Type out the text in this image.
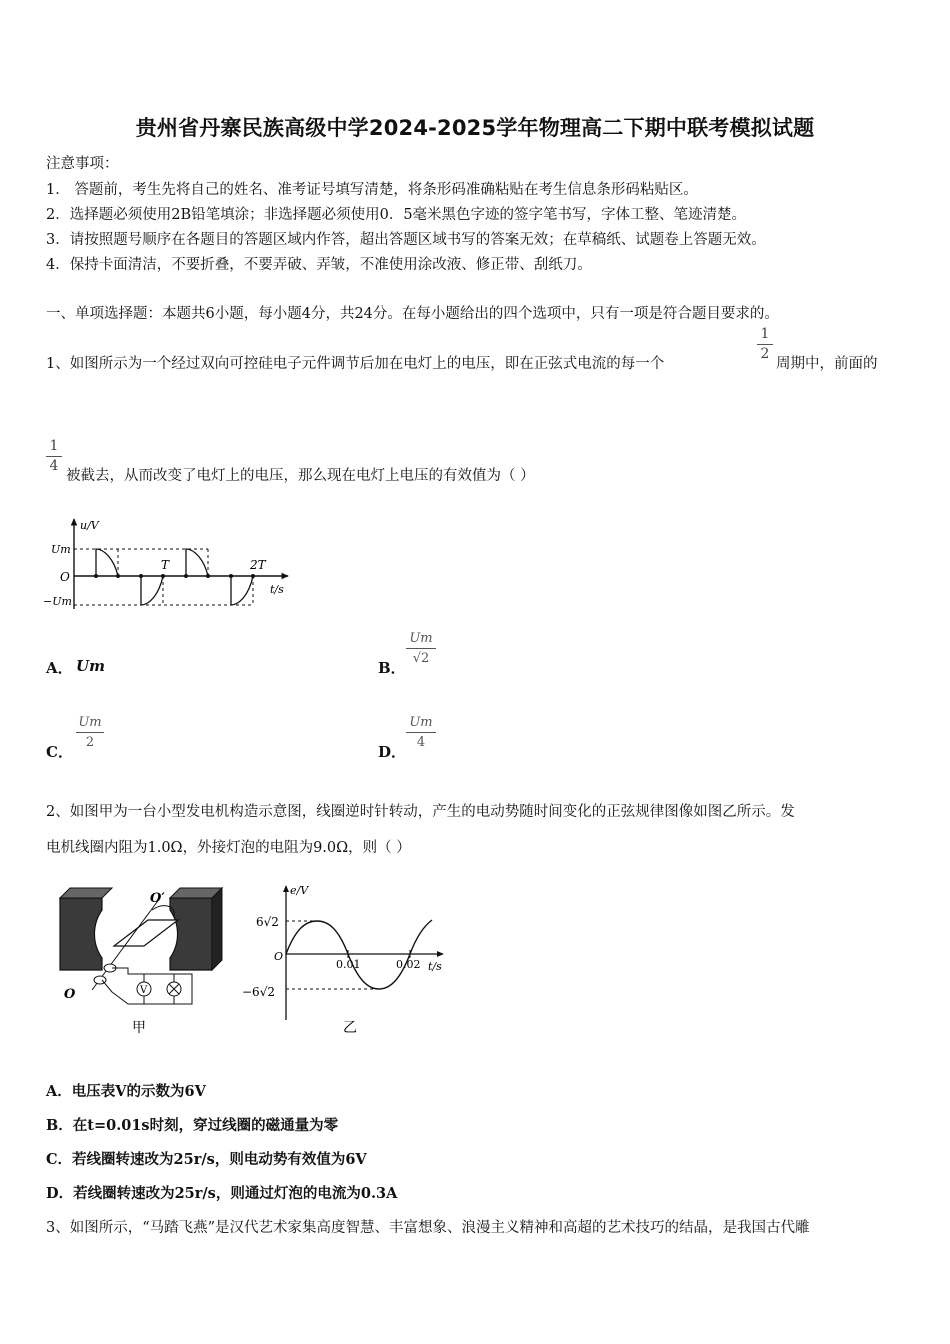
贵州省丹寨民族高级中学2024-2025学年物理高二下期中联考模拟试题
注意事项：
1． 答题前，考生先将自己的姓名、准考证号填写清楚，将条形码准确粘贴在考生信息条形码粘贴区。
2．选择题必须使用2B铅笔填涂；非选择题必须使用0．5毫米黑色字迹的签字笔书写，字体工整、笔迹清楚。
3．请按照题号顺序在各题目的答题区域内作答，超出答题区域书写的答案无效；在草稿纸、试题卷上答题无效。
4．保持卡面清洁，不要折叠，不要弄破、弄皱，不准使用涂改液、修正带、刮纸刀。
一、单项选择题：本题共6小题，每小题4分，共24分。在每小题给出的四个选项中，只有一项是符合题目要求的。
1、如图所示为一个经过双向可控硅电子元件调节后加在电灯上的电压，即在正弦式电流的每一个
1
2
周期中，前面的
1
4
被截去，从而改变了电灯上的电压，那么现在电灯上电压的有效值为（ ）
u/V
t/s
Um
O
−Um
T	2T
A． Um	B．
Um
√2
C．
Um
2
D．
Um
4
2、如图甲为一台小型发电机构造示意图，线圈逆时针转动，产生的电动势随时间变化的正弦规律图像如图乙所示。发
电机线圈内阻为1.0Ω，外接灯泡的电阻为9.0Ω，则（ ）
O′
O	V
甲
e/V
t/s
6√2
−6√2
O
0.01	0.02
乙
A．电压表V的示数为6V
B．在t=0.01s时刻，穿过线圈的磁通量为零
C．若线圈转速改为25r/s，则电动势有效值为6V
D．若线圈转速改为25r/s，则通过灯泡的电流为0.3A
3、如图所示，“马踏飞燕”是汉代艺术家集高度智慧、丰富想象、浪漫主义精神和高超的艺术技巧的结晶，是我国古代雕
